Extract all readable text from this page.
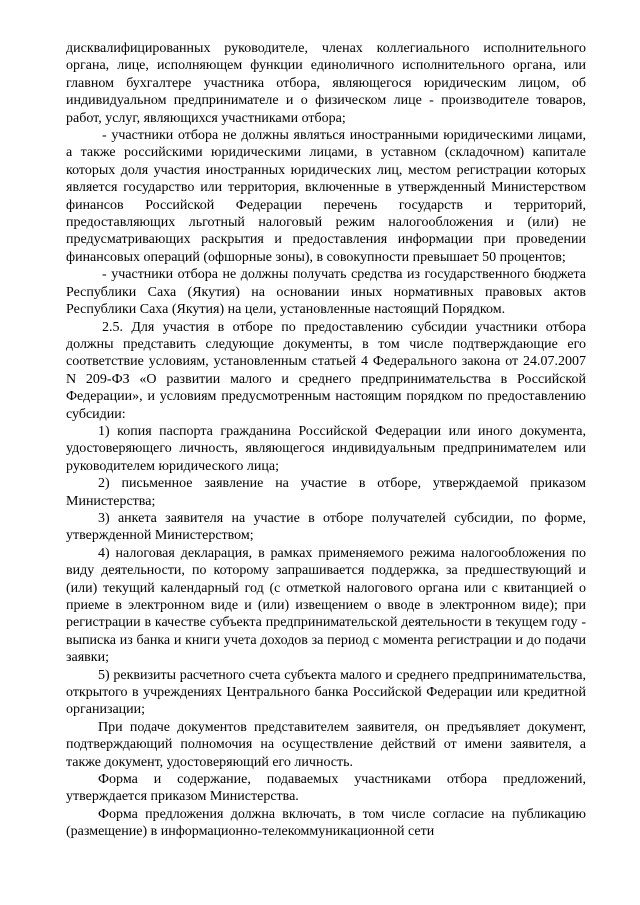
дисквалифицированных руководителе, членах коллегиального исполнительного органа, лице, исполняющем функции единоличного исполнительного органа, или главном бухгалтере участника отбора, являющегося юридическим лицом, об индивидуальном предпринимателе и о физическом лице - производителе товаров, работ, услуг, являющихся участниками отбора;

- участники отбора не должны являться иностранными юридическими лицами, а также российскими юридическими лицами, в уставном (складочном) капитале которых доля участия иностранных юридических лиц, местом регистрации которых является государство или территория, включенные в утвержденный Министерством финансов Российской Федерации перечень государств и территорий, предоставляющих льготный налоговый режим налогообложения и (или) не предусматривающих раскрытия и предоставления информации при проведении финансовых операций (офшорные зоны), в совокупности превышает 50 процентов;

- участники отбора не должны получать средства из государственного бюджета Республики Саха (Якутия) на основании иных нормативных правовых актов Республики Саха (Якутия) на цели, установленные настоящий Порядком.

2.5. Для участия в отборе по предоставлению субсидии участники отбора должны представить следующие документы, в том числе подтверждающие его соответствие условиям, установленным статьей 4 Федерального закона от 24.07.2007 N 209-ФЗ «О развитии малого и среднего предпринимательства в Российской Федерации», и условиям предусмотренным настоящим порядком по предоставлению субсидии:

1) копия паспорта гражданина Российской Федерации или иного документа, удостоверяющего личность, являющегося индивидуальным предпринимателем или руководителем юридического лица;

2) письменное заявление на участие в отборе, утверждаемой приказом Министерства;

3) анкета заявителя на участие в отборе получателей субсидии, по форме, утвержденной Министерством;

4) налоговая декларация, в рамках применяемого режима налогообложения по виду деятельности, по которому запрашивается поддержка, за предшествующий и (или) текущий календарный год (с отметкой налогового органа или с квитанцией о приеме в электронном виде и (или) извещением о вводе в электронном виде); при регистрации в качестве субъекта предпринимательской деятельности в текущем году - выписка из банка и книги учета доходов за период с момента регистрации и до подачи заявки;

5) реквизиты расчетного счета субъекта малого и среднего предпринимательства, открытого в учреждениях Центрального банка Российской Федерации или кредитной организации;

При подаче документов представителем заявителя, он предъявляет документ, подтверждающий полномочия на осуществление действий от имени заявителя, а также документ, удостоверяющий его личность.

Форма и содержание, подаваемых участниками отбора предложений, утверждается приказом Министерства.

Форма предложения должна включать, в том числе согласие на публикацию (размещение) в информационно-телекоммуникационной сети
